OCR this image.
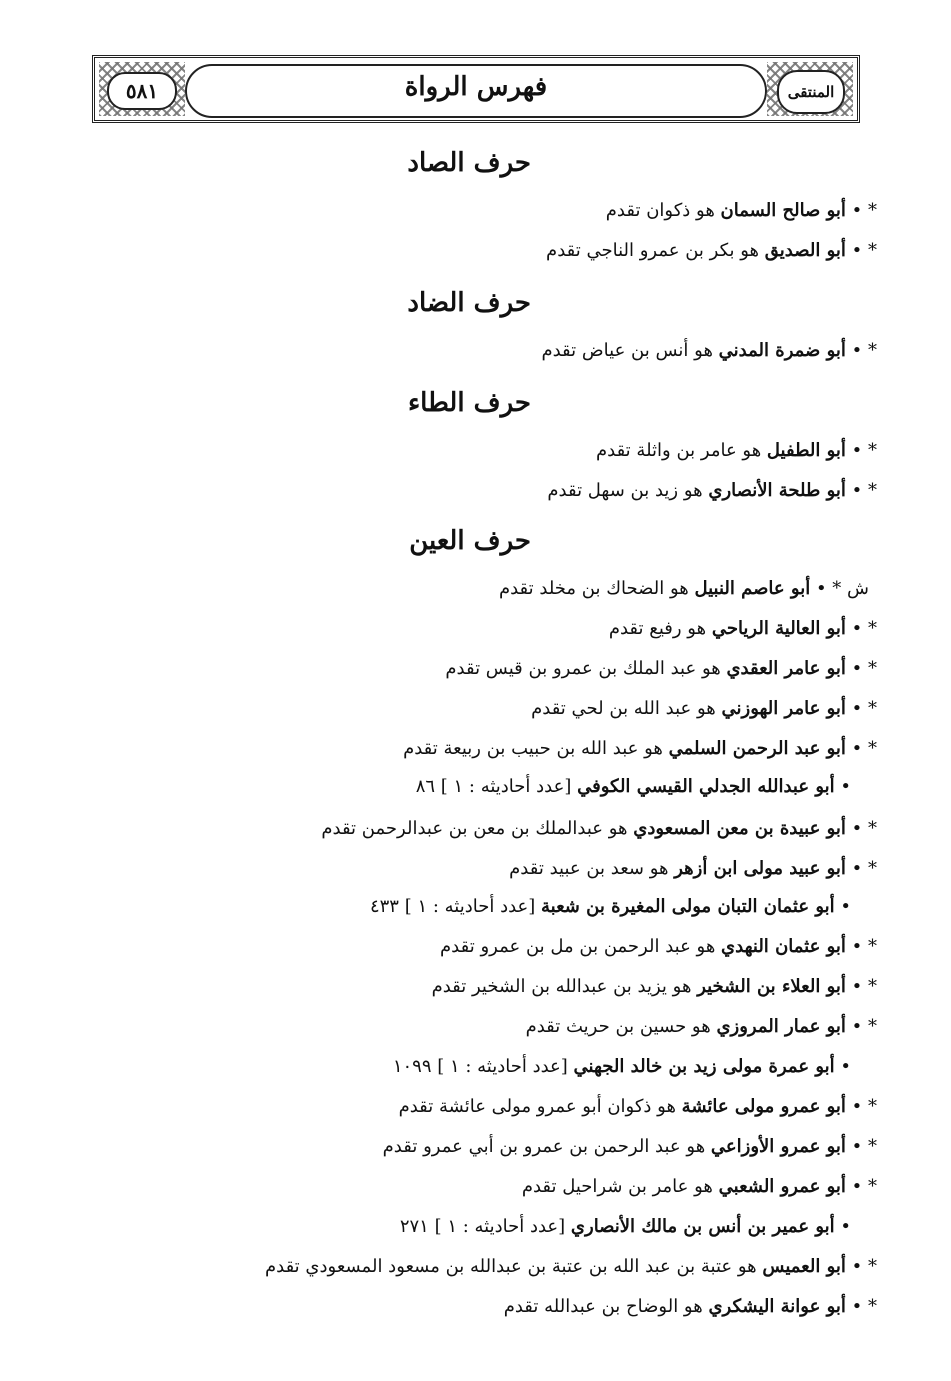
فهرس الرواة
٥٨١	المنتقى
حرف الصاد
حرف الضاد
حرف الطاء
حرف العين
* • أبو صالح السمان هو ذكوان تقدم
* • أبو الصديق هو بكر بن عمرو الناجي تقدم
* • أبو ضمرة المدني هو أنس بن عياض تقدم
* • أبو الطفيل هو عامر بن واثلة تقدم
* • أبو طلحة الأنصاري هو زيد بن سهل تقدم
ش * • أبو عاصم النبيل هو الضحاك بن مخلد تقدم
* • أبو العالية الرياحي هو رفيع تقدم
* • أبو عامر العقدي هو عبد الملك بن عمرو بن قيس تقدم
* • أبو عامر الهوزني هو عبد الله بن لحي تقدم
* • أبو عبد الرحمن السلمي هو عبد الله بن حبيب بن ربيعة تقدم
• أبو عبدالله الجدلي القيسي الكوفي [عدد أحاديثه : ١ ] ٨٦
* • أبو عبيدة بن معن المسعودي هو عبدالملك بن معن بن عبدالرحمن تقدم
* • أبو عبيد مولى ابن أزهر هو سعد بن عبيد تقدم
• أبو عثمان التبان مولى المغيرة بن شعبة [عدد أحاديثه : ١ ] ٤٣٣
* • أبو عثمان النهدي هو عبد الرحمن بن مل بن عمرو تقدم
* • أبو العلاء بن الشخير هو يزيد بن عبدالله بن الشخير تقدم
* • أبو عمار المروزي هو حسين بن حريث تقدم
• أبو عمرة مولى زيد بن خالد الجهني [عدد أحاديثه : ١ ] ١٠٩٩
* • أبو عمرو مولى عائشة هو ذكوان أبو عمرو مولى عائشة تقدم
* • أبو عمرو الأوزاعي هو عبد الرحمن بن عمرو بن أبي عمرو تقدم
* • أبو عمرو الشعبي هو عامر بن شراحيل تقدم
• أبو عمير بن أنس بن مالك الأنصاري [عدد أحاديثه : ١ ] ٢٧١
* • أبو العميس هو عتبة بن عبد الله بن عتبة بن عبدالله بن مسعود المسعودي تقدم
* • أبو عوانة اليشكري هو الوضاح بن عبدالله تقدم
